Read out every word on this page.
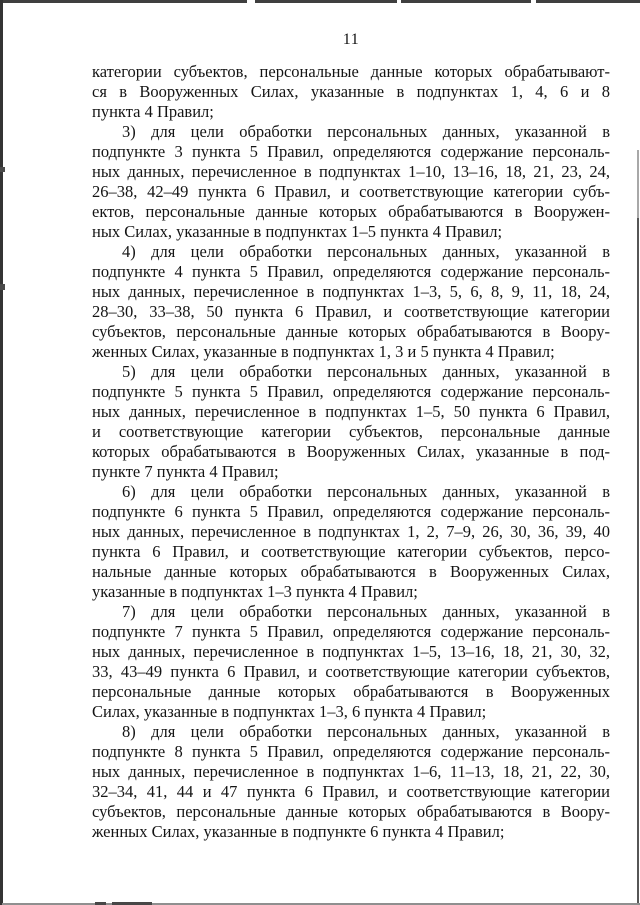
11
категории субъектов, персональные данные которых обрабатывают-
ся в Вооруженных Силах, указанные в подпунктах 1, 4, 6 и 8
пункта 4 Правил;
3) для цели обработки персональных данных, указанной в
подпункте 3 пункта 5 Правил, определяются содержание персональ-
ных данных, перечисленное в подпунктах 1–10, 13–16, 18, 21, 23, 24,
26–38, 42–49 пункта 6 Правил, и соответствующие категории субъ-
ектов, персональные данные которых обрабатываются в Вооружен-
ных Силах, указанные в подпунктах 1–5 пункта 4 Правил;
4) для цели обработки персональных данных, указанной в
подпункте 4 пункта 5 Правил, определяются содержание персональ-
ных данных, перечисленное в подпунктах 1–3, 5, 6, 8, 9, 11, 18, 24,
28–30, 33–38, 50 пункта 6 Правил, и соответствующие категории
субъектов, персональные данные которых обрабатываются в Воору-
женных Силах, указанные в подпунктах 1, 3 и 5 пункта 4 Правил;
5) для цели обработки персональных данных, указанной в
подпункте 5 пункта 5 Правил, определяются содержание персональ-
ных данных, перечисленное в подпунктах 1–5, 50 пункта 6 Правил,
и соответствующие категории субъектов, персональные данные
которых обрабатываются в Вооруженных Силах, указанные в под-
пункте 7 пункта 4 Правил;
6) для цели обработки персональных данных, указанной в
подпункте 6 пункта 5 Правил, определяются содержание персональ-
ных данных, перечисленное в подпунктах 1, 2, 7–9, 26, 30, 36, 39, 40
пункта 6 Правил, и соответствующие категории субъектов, персо-
нальные данные которых обрабатываются в Вооруженных Силах,
указанные в подпунктах 1–3 пункта 4 Правил;
7) для цели обработки персональных данных, указанной в
подпункте 7 пункта 5 Правил, определяются содержание персональ-
ных данных, перечисленное в подпунктах 1–5, 13–16, 18, 21, 30, 32,
33, 43–49 пункта 6 Правил, и соответствующие категории субъектов,
персональные данные которых обрабатываются в Вооруженных
Силах, указанные в подпунктах 1–3, 6 пункта 4 Правил;
8) для цели обработки персональных данных, указанной в
подпункте 8 пункта 5 Правил, определяются содержание персональ-
ных данных, перечисленное в подпунктах 1–6, 11–13, 18, 21, 22, 30,
32–34, 41, 44 и 47 пункта 6 Правил, и соответствующие категории
субъектов, персональные данные которых обрабатываются в Воору-
женных Силах, указанные в подпункте 6 пункта 4 Правил;
